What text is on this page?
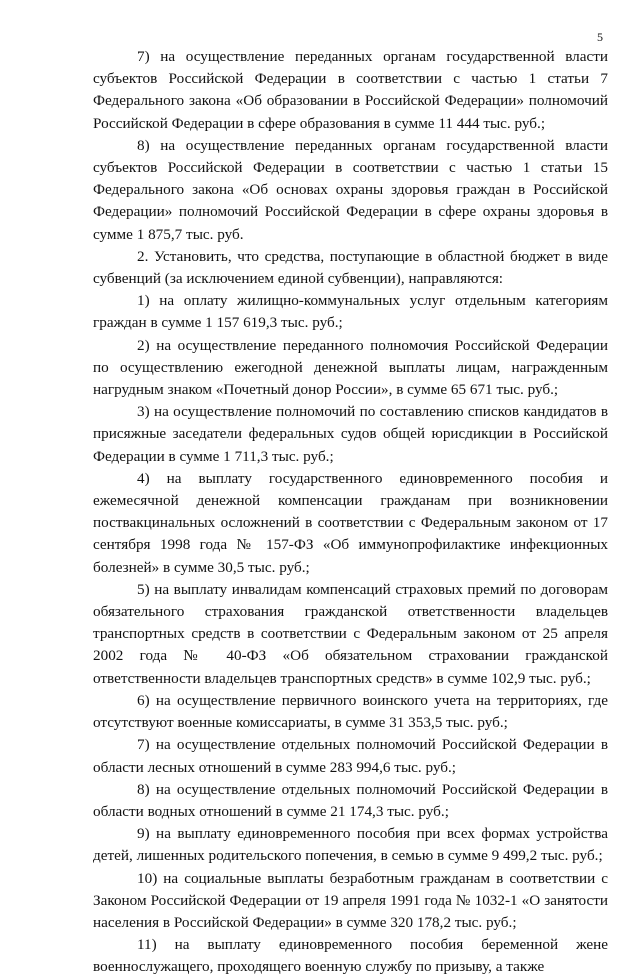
5

7) на осуществление переданных органам государственной власти субъектов Российской Федерации в соответствии с частью 1 статьи 7 Федерального закона «Об образовании в Российской Федерации» полномочий Российской Федерации в сфере образования в сумме 11 444 тыс. руб.;

8) на осуществление переданных органам государственной власти субъектов Российской Федерации в соответствии с частью 1 статьи 15 Федерального закона «Об основах охраны здоровья граждан в Российской Федерации» полномочий Российской Федерации в сфере охраны здоровья в сумме 1 875,7 тыс. руб.

2. Установить, что средства, поступающие в областной бюджет в виде субвенций (за исключением единой субвенции), направляются:

1) на оплату жилищно-коммунальных услуг отдельным категориям граждан в сумме 1 157 619,3 тыс. руб.;

2) на осуществление переданного полномочия Российской Федерации по осуществлению ежегодной денежной выплаты лицам, награжденным нагрудным знаком «Почетный донор России», в сумме 65 671 тыс. руб.;

3) на осуществление полномочий по составлению списков кандидатов в присяжные заседатели федеральных судов общей юрисдикции в Российской Федерации в сумме 1 711,3 тыс. руб.;

4) на выплату государственного единовременного пособия и ежемесячной денежной компенсации гражданам при возникновении поствакцинальных осложнений в соответствии с Федеральным законом от 17 сентября 1998 года № 157-ФЗ «Об иммунопрофилактике инфекционных болезней» в сумме 30,5 тыс. руб.;

5) на выплату инвалидам компенсаций страховых премий по договорам обязательного страхования гражданской ответственности владельцев транспортных средств в соответствии с Федеральным законом от 25 апреля 2002 года № 40-ФЗ «Об обязательном страховании гражданской ответственности владельцев транспортных средств» в сумме 102,9 тыс. руб.;

6) на осуществление первичного воинского учета на территориях, где отсутствуют военные комиссариаты, в сумме 31 353,5 тыс. руб.;

7) на осуществление отдельных полномочий Российской Федерации в области лесных отношений в сумме 283 994,6 тыс. руб.;

8) на осуществление отдельных полномочий Российской Федерации в области водных отношений в сумме 21 174,3 тыс. руб.;

9) на выплату единовременного пособия при всех формах устройства детей, лишенных родительского попечения, в семью в сумме 9 499,2 тыс. руб.;

10) на социальные выплаты безработным гражданам в соответствии с Законом Российской Федерации от 19 апреля 1991 года № 1032-1 «О занятости населения в Российской Федерации» в сумме 320 178,2 тыс. руб.;

11) на выплату единовременного пособия беременной жене военнослужащего, проходящего военную службу по призыву, а также
